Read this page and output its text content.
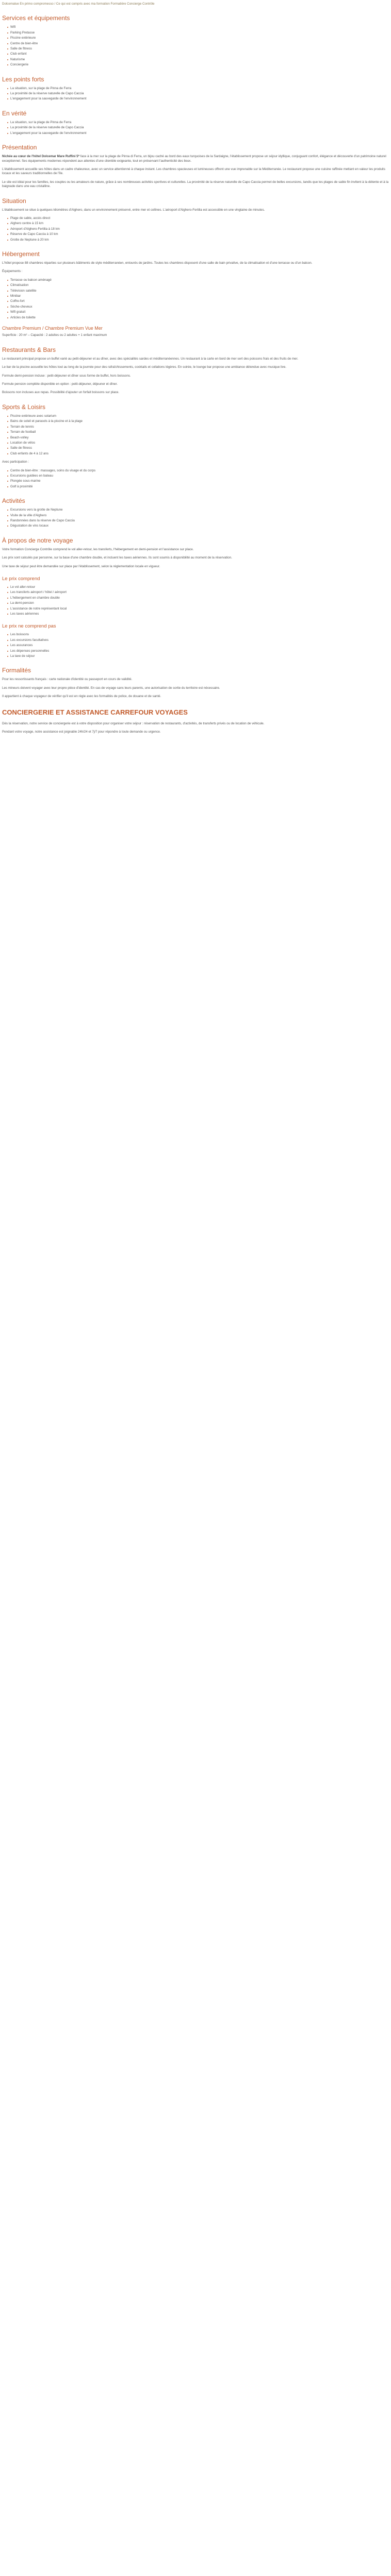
Dolcemalue En primo compromesso / Ce qui est compris avec ma formation Formatière Concierge Contrôle
Services et équipements
Wifi
Parking Pretasse
Piscine extérieure
Centre de bien-être
Salle de fitness
Club enfant
Naturisme
Conciergerie
Les points forts
La situation, sur la plage de Pinna de Ferra
La proximité de la réserve naturelle de Capo Caccia
L'engagement pour la sauvegarde de l'environnement
En vérité
La situation, sur la plage de Pinna de Ferra
La proximité de la réserve naturelle de Capo Caccia
L'engagement pour la sauvegarde de l'environnement
Présentation

Nichée au cœur de l'hôtel Dolcemar Mare Ruffini 5* face à la mer sur la plage de Pinna di Ferra, un bijou caché au bord des eaux turquoises de la Sardaigne, l'établissement propose un séjour idyllique, conjuguant confort, élégance et découverte d'un patrimoine naturel exceptionnel. Ses équipements modernes répondent aux attentes d'une clientèle exigeante, tout en préservant l'authenticité des lieux.

L'établissement accueille ses hôtes dans un cadre chaleureux, avec un service attentionné à chaque instant. Les chambres spacieuses et lumineuses offrent une vue imprenable sur la Méditerranée. Le restaurant propose une cuisine raffinée mettant en valeur les produits locaux et les saveurs traditionnelles de l'île.

Le site est idéal pour les familles, les couples ou les amateurs de nature, grâce à ses nombreuses activités sportives et culturelles. La proximité de la réserve naturelle de Capo Caccia permet de belles excursions, tandis que les plages de sable fin invitent à la détente et à la baignade dans une eau cristalline.

Situation

L'établissement se situe à quelques kilomètres d'Alghero, dans un environnement préservé, entre mer et collines. L'aéroport d'Alghero-Fertilia est accessible en une vingtaine de minutes.

Plage de sable, accès direct
Alghero centre à 15 km
Aéroport d'Alghero-Fertilia à 18 km
Réserve de Capo Caccia à 10 km
Grotte de Neptune à 20 km
Hébergement

L'hôtel propose 88 chambres réparties sur plusieurs bâtiments de style méditerranéen, entourés de jardins. Toutes les chambres disposent d'une salle de bain privative, de la climatisation et d'une terrasse ou d'un balcon.

Équipements :

Terrasse ou balcon aménagé
Climatisation
Télévision satellite
Minibar
Coffre-fort
Sèche-cheveux
Wifi gratuit
Articles de toilette
Chambre Premium / Chambre Premium Vue Mer

Superficie : 20 m² – Capacité : 2 adultes ou 2 adultes + 1 enfant maximum

Restaurants & Bars

Le restaurant principal propose un buffet varié au petit-déjeuner et au dîner, avec des spécialités sardes et méditerranéennes. Un restaurant à la carte en bord de mer sert des poissons frais et des fruits de mer.

Le bar de la piscine accueille les hôtes tout au long de la journée pour des rafraîchissements, cocktails et collations légères. En soirée, le lounge bar propose une ambiance détendue avec musique live.

Formule demi-pension incluse : petit-déjeuner et dîner sous forme de buffet, hors boissons.

Formule pension complète disponible en option : petit-déjeuner, déjeuner et dîner.

Boissons non incluses aux repas. Possibilité d'ajouter un forfait boissons sur place.

Sports & Loisirs
Piscine extérieure avec solarium
Bains de soleil et parasols à la piscine et à la plage
Terrain de tennis
Terrain de football
Beach-volley
Location de vélos
Salle de fitness
Club enfants de 4 à 12 ans

Avec participation :

Centre de bien-être : massages, soins du visage et du corps
Excursions guidées en bateau
Plongée sous-marine
Golf à proximité
Activités
Excursions vers la grotte de Neptune
Visite de la ville d'Alghero
Randonnées dans la réserve de Capo Caccia
Dégustation de vins locaux
À propos de notre voyage

Votre formation Concierge Contrôle comprend le vol aller-retour, les transferts, l'hébergement en demi-pension et l'assistance sur place.

Les prix sont calculés par personne, sur la base d'une chambre double, et incluent les taxes aériennes. Ils sont soumis à disponibilité au moment de la réservation.

Une taxe de séjour peut être demandée sur place par l'établissement, selon la réglementation locale en vigueur.

Le prix comprend
Le vol aller-retour
Les transferts aéroport / hôtel / aéroport
L'hébergement en chambre double
La demi-pension
L'assistance de notre représentant local
Les taxes aériennes
Le prix ne comprend pas
Les boissons
Les excursions facultatives
Les assurances
Les dépenses personnelles
La taxe de séjour
Formalités

Pour les ressortissants français : carte nationale d'identité ou passeport en cours de validité.

Les mineurs doivent voyager avec leur propre pièce d'identité. En cas de voyage sans leurs parents, une autorisation de sortie du territoire est nécessaire.

Il appartient à chaque voyageur de vérifier qu'il est en règle avec les formalités de police, de douane et de santé.

CONCIERGERIE ET ASSISTANCE CARREFOUR VOYAGES

Dès la réservation, notre service de conciergerie est à votre disposition pour organiser votre séjour : réservation de restaurants, d'activités, de transferts privés ou de location de véhicule.

Pendant votre voyage, notre assistance est joignable 24h/24 et 7j/7 pour répondre à toute demande ou urgence.
